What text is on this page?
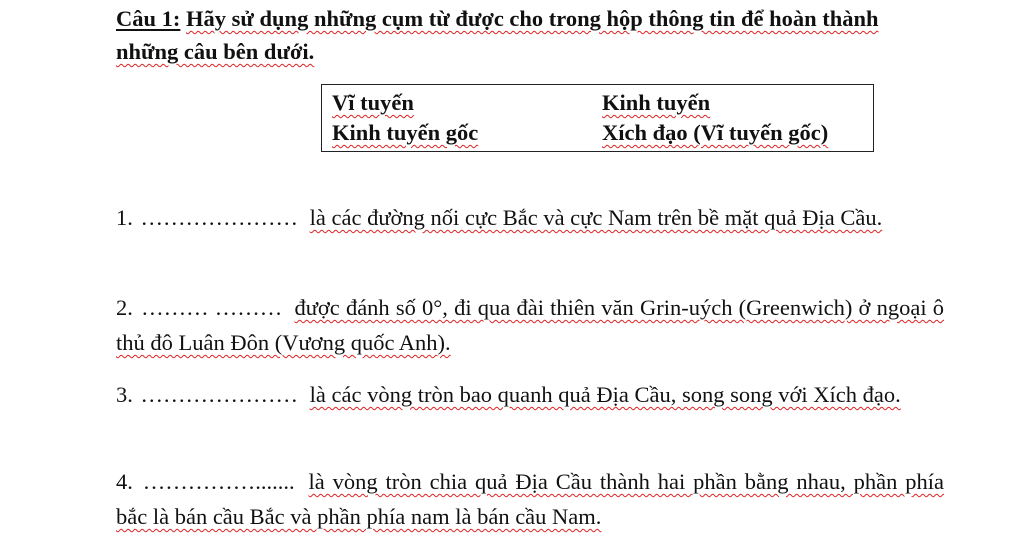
Câu 1: Hãy sử dụng những cụm từ được cho trong hộp thông tin để hoàn thành những câu bên dưới.

Vĩ tuyến	Kinh tuyến
Kinh tuyến gốc	Xích đạo (Vĩ tuyến gốc)

1. ………………… là các đường nối cực Bắc và cực Nam trên bề mặt quả Địa Cầu.

2. ……… ……… được đánh số 0°, đi qua đài thiên văn Grin-uých (Greenwich) ở ngoại ô thủ đô Luân Đôn (Vương quốc Anh).

3. ………………… là các vòng tròn bao quanh quả Địa Cầu, song song với Xích đạo.

4. ……………....... là vòng tròn chia quả Địa Cầu thành hai phần bằng nhau, phần phía bắc là bán cầu Bắc và phần phía nam là bán cầu Nam.
